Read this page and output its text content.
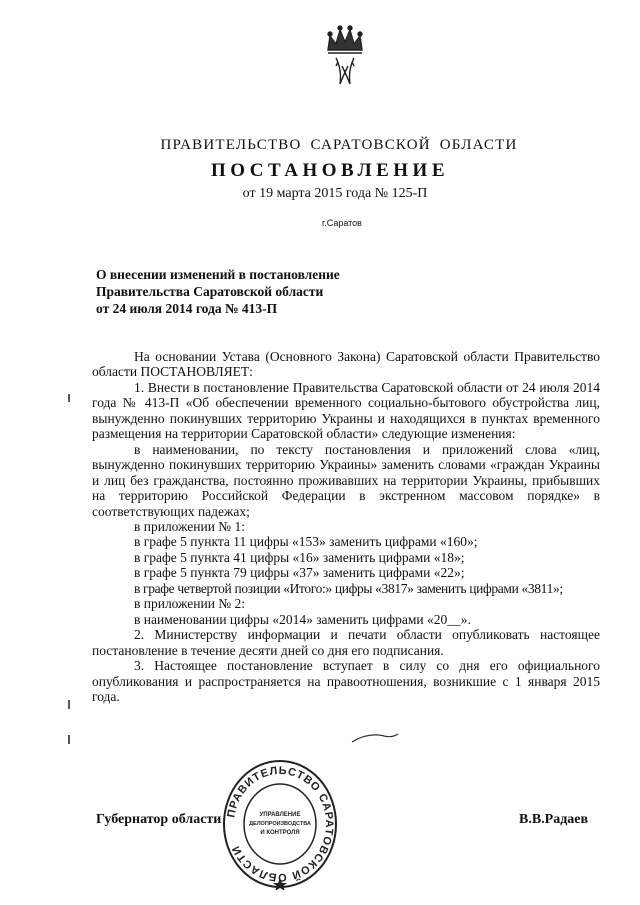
ПРАВИТЕЛЬСТВО САРАТОВСКОЙ ОБЛАСТИ
ПОСТАНОВЛЕНИЕ
от 19 марта 2015 года № 125-П
г.Саратов
О внесении изменений в постановление
Правительства Саратовской области
от 24 июля 2014 года № 413-П

На основании Устава (Основного Закона) Саратовской области Правительство области ПОСТАНОВЛЯЕТ:

1. Внести в постановление Правительства Саратовской области от 24 июля 2014 года № 413-П «Об обеспечении временного социально-бытового обустройства лиц, вынужденно покинувших территорию Украины и находящихся в пунктах временного размещения на территории Саратовской области» следующие изменения:

в наименовании, по тексту постановления и приложений слова «лиц, вынужденно покинувших территорию Украины» заменить словами «граждан Украины и лиц без гражданства, постоянно проживавших на территории Украины, прибывших на территорию Российской Федерации в экстренном массовом порядке» в соответствующих падежах;

в приложении № 1:

в графе 5 пункта 11 цифры «153» заменить цифрами «160»;

в графе 5 пункта 41 цифры «16» заменить цифрами «18»;

в графе 5 пункта 79 цифры «37» заменить цифрами «22»;

в графе четвертой позиции «Итого:» цифры «3817» заменить цифрами «3811»;

в приложении № 2:

в наименовании цифры «2014» заменить цифрами «20__».

2. Министерству информации и печати области опубликовать настоящее постановление в течение десяти дней со дня его подписания.

3. Настоящее постановление вступает в силу со дня его официального опубликования и распространяется на правоотношения, возникшие с 1 января 2015 года.

ПРАВИТЕЛЬСТВО САРАТОВСКОЙ ОБЛАСТИ
УПРАВЛЕНИЕ
ДЕЛОПРОИЗВОДСТВА
И КОНТРОЛЯ
Губернатор области	В.В.Радаев
